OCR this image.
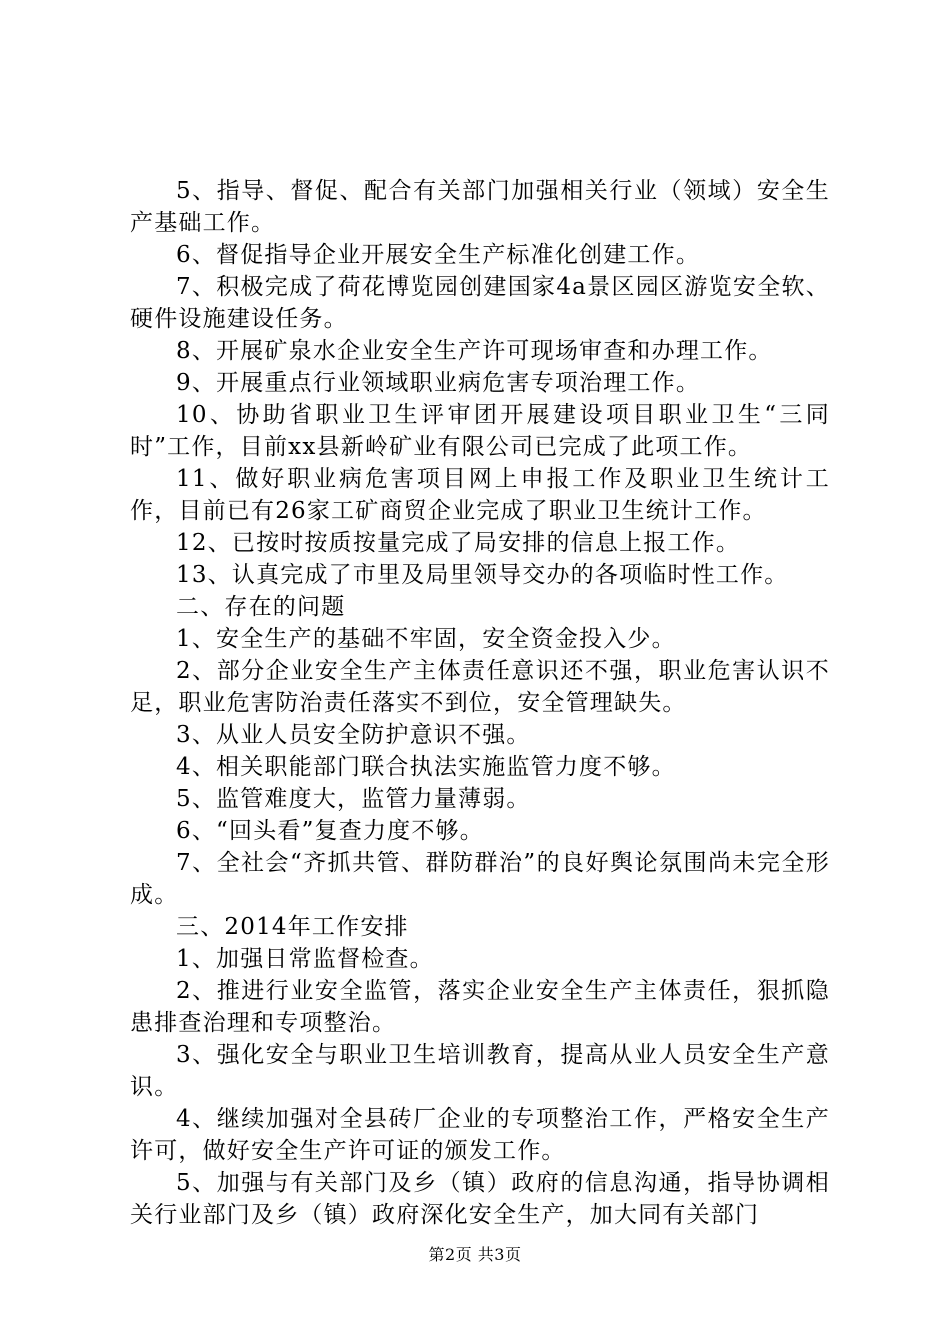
5、指导、督促、配合有关部门加强相关行业（领域）安全生产基础工作。

6、督促指导企业开展安全生产标准化创建工作。

7、积极完成了荷花博览园创建国家4a景区园区游览安全软、硬件设施建设任务。

8、开展矿泉水企业安全生产许可现场审查和办理工作。

9、开展重点行业领域职业病危害专项治理工作。

10、协助省职业卫生评审团开展建设项目职业卫生“三同时”工作，目前xx县新岭矿业有限公司已完成了此项工作。

11、做好职业病危害项目网上申报工作及职业卫生统计工作，目前已有26家工矿商贸企业完成了职业卫生统计工作。

12、已按时按质按量完成了局安排的信息上报工作。

13、认真完成了市里及局里领导交办的各项临时性工作。

二、存在的问题

1、安全生产的基础不牢固，安全资金投入少。

2、部分企业安全生产主体责任意识还不强，职业危害认识不足，职业危害防治责任落实不到位，安全管理缺失。

3、从业人员安全防护意识不强。

4、相关职能部门联合执法实施监管力度不够。

5、监管难度大，监管力量薄弱。

6、“回头看”复查力度不够。

7、全社会“齐抓共管、群防群治”的良好舆论氛围尚未完全形成。

三、2014年工作安排

1、加强日常监督检查。

2、推进行业安全监管，落实企业安全生产主体责任，狠抓隐患排查治理和专项整治。

3、强化安全与职业卫生培训教育，提高从业人员安全生产意识。

4、继续加强对全县砖厂企业的专项整治工作，严格安全生产许可，做好安全生产许可证的颁发工作。

5、加强与有关部门及乡（镇）政府的信息沟通，指导协调相关行业部门及乡（镇）政府深化安全生产，加大同有关部门

第2页 共3页
